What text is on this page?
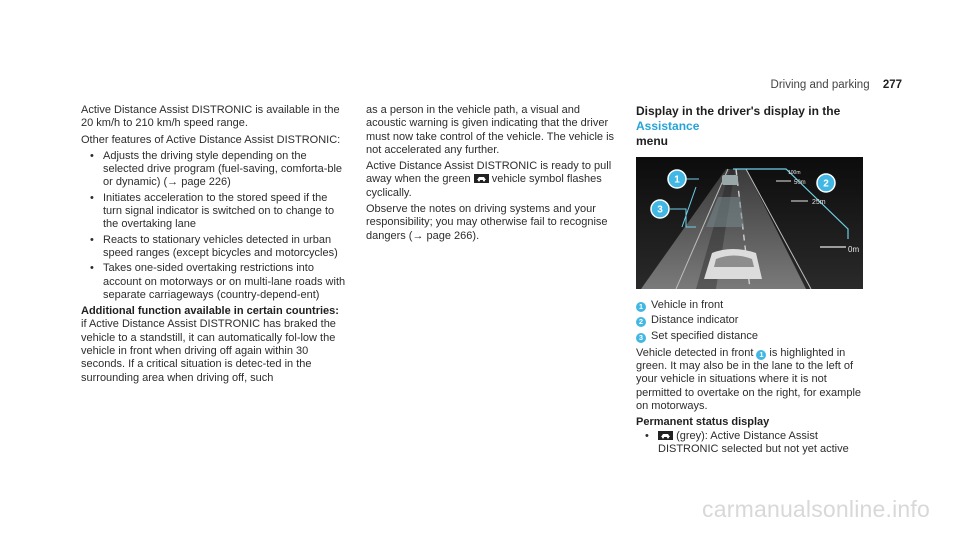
Driving and parking 277

Active Distance Assist DISTRONIC is available in the 20 km/h to 210 km/h speed range.

Other features of Active Distance Assist DISTRONIC:

• Adjusts the driving style depending on the selected drive program (fuel-saving, comforta-ble or dynamic) (→ page 226)
• Initiates acceleration to the stored speed if the turn signal indicator is switched on to change to the overtaking lane
• Reacts to stationary vehicles detected in urban speed ranges (except bicycles and motorcycles)
• Takes one-sided overtaking restrictions into account on motorways or on multi-lane roads with separate carriageways (country-depend-ent)
Additional function available in certain countries:

if Active Distance Assist DISTRONIC has braked the vehicle to a standstill, it can automatically fol-low the vehicle in front when driving off again within 30 seconds. If a critical situation is detec-ted in the surrounding area when driving off, such

as a person in the vehicle path, a visual and acoustic warning is given indicating that the driver must now take control of the vehicle. The vehicle is not accelerated any further.

Active Distance Assist DISTRONIC is ready to pull away when the green vehicle symbol flashes cyclically.

Observe the notes on driving systems and your responsibility; you may otherwise fail to recognise dangers (→ page 266).

Display in the driver's display in the Assistance
menu
100m
50m
25m
0m
1	2
3
1 Vehicle in front
2 Distance indicator
3 Set specified distance

Vehicle detected in front 1 is highlighted in green. It may also be in the lane to the left of your vehicle in situations where it is not permitted to overtake on the right, for example on motorways.

Permanent status display
• (grey): Active Distance Assist DISTRONIC selected but not yet active
carmanualsonline.info
